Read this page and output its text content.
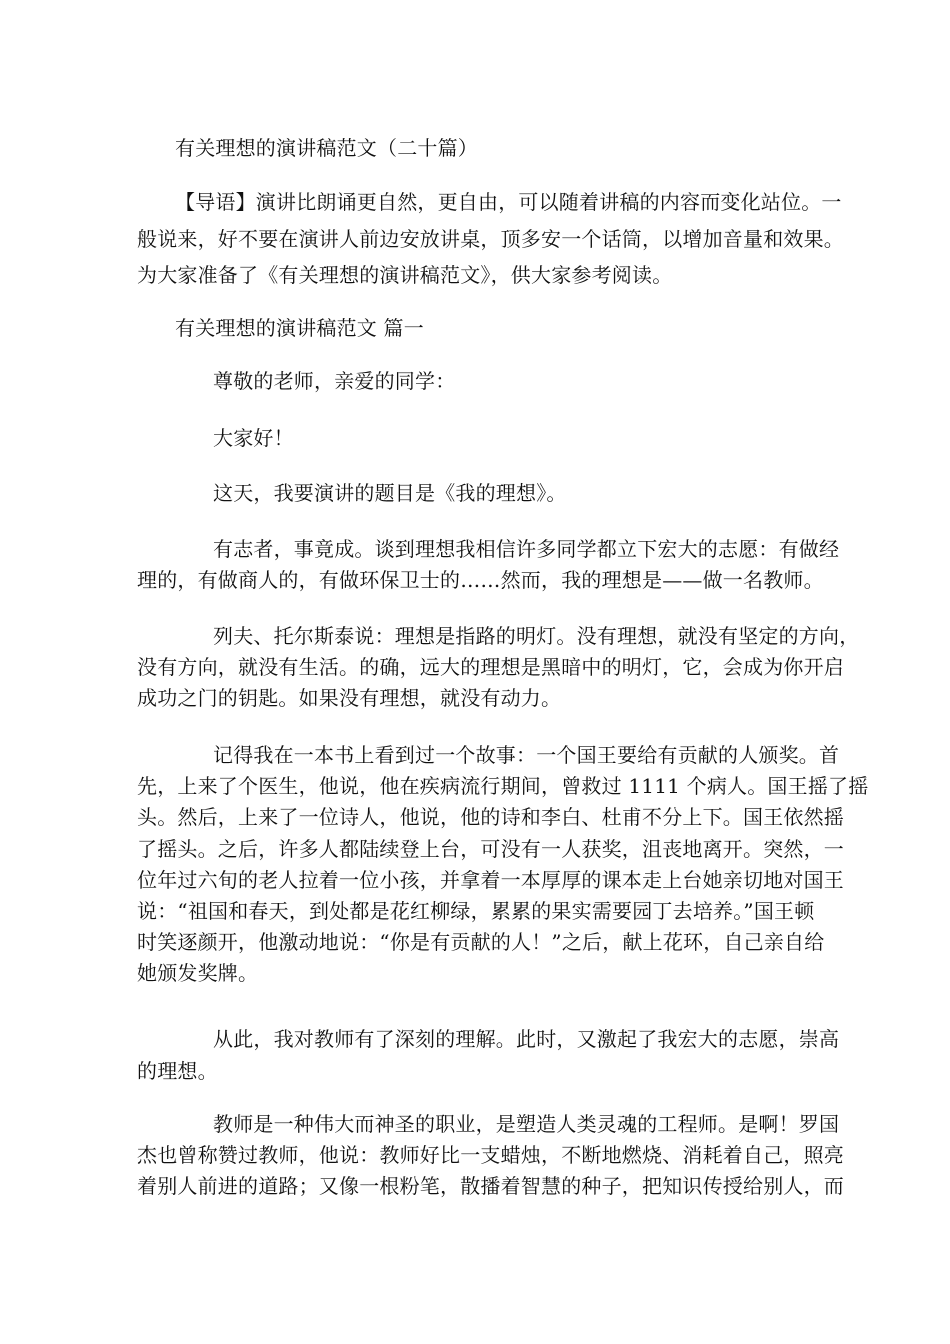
有关理想的演讲稿范文（二十篇）
【导语】演讲比朗诵更自然，更自由，可以随着讲稿的内容而变化站位。一
般说来，好不要在演讲人前边安放讲桌，顶多安一个话筒，以增加音量和效果。
为大家准备了《有关理想的演讲稿范文》，供大家参考阅读。
有关理想的演讲稿范文 篇一
尊敬的老师，亲爱的同学：
大家好！
这天，我要演讲的题目是《我的理想》。
有志者，事竟成。谈到理想我相信许多同学都立下宏大的志愿：有做经
理的，有做商人的，有做环保卫士的……然而，我的理想是——做一名教师。
列夫、托尔斯泰说：理想是指路的明灯。没有理想，就没有坚定的方向，
没有方向，就没有生活。的确，远大的理想是黑暗中的明灯，它，会成为你开启
成功之门的钥匙。如果没有理想，就没有动力。
记得我在一本书上看到过一个故事：一个国王要给有贡献的人颁奖。首
先，上来了个医生，他说，他在疾病流行期间，曾救过 1111 个病人。国王摇了摇
头。然后，上来了一位诗人，他说，他的诗和李白、杜甫不分上下。国王依然摇
了摇头。之后，许多人都陆续登上台，可没有一人获奖，沮丧地离开。突然，一
位年过六旬的老人拉着一位小孩，并拿着一本厚厚的课本走上台她亲切地对国王
说：“祖国和春天，到处都是花红柳绿，累累的果实需要园丁去培养。”国王顿
时笑逐颜开，他激动地说：“你是有贡献的人！”之后，献上花环，自己亲自给
她颁发奖牌。
从此，我对教师有了深刻的理解。此时，又激起了我宏大的志愿，崇高
的理想。
教师是一种伟大而神圣的职业，是塑造人类灵魂的工程师。是啊！罗国
杰也曾称赞过教师，他说：教师好比一支蜡烛，不断地燃烧、消耗着自己，照亮
着别人前进的道路；又像一根粉笔，散播着智慧的种子，把知识传授给别人，而
